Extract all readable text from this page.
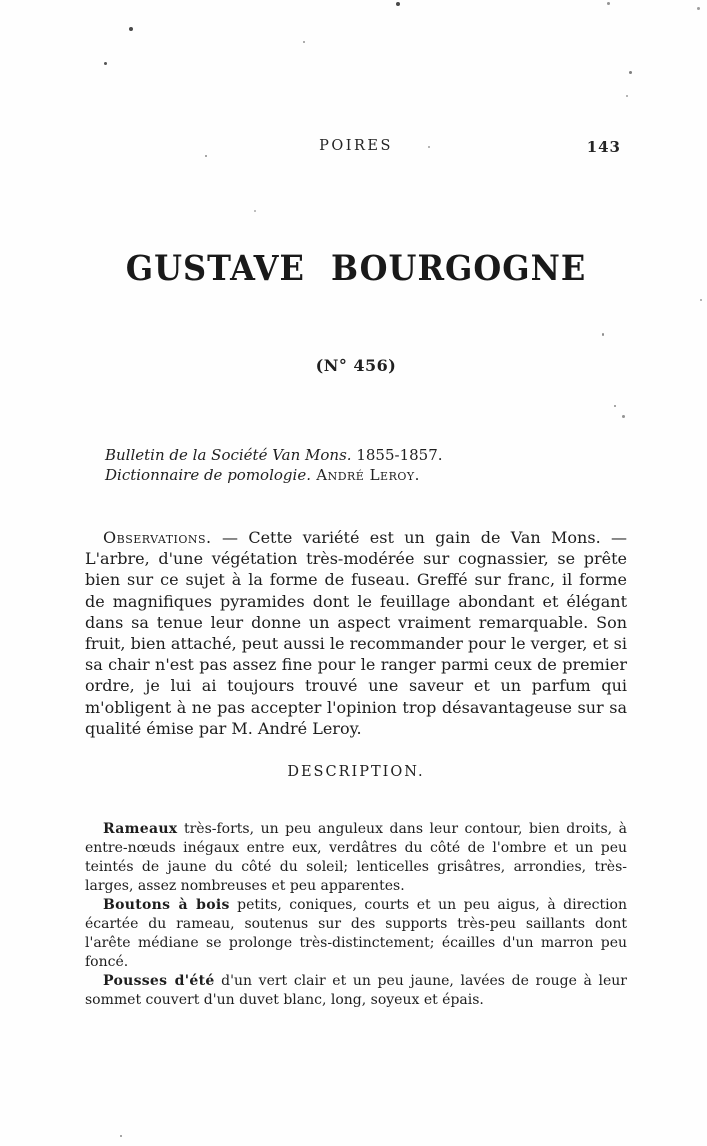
POIRES	143
GUSTAVE BOURGOGNE
(N° 456)

Bulletin de la Société Van Mons. 1855-1857.

Dictionnaire de pomologie. André Leroy.

Observations. — Cette variété est un gain de Van Mons. — L'arbre, d'une végétation très-modérée sur cognassier, se prête bien sur ce sujet à la forme de fuseau. Greffé sur franc, il forme de magnifiques pyramides dont le feuillage abondant et élégant dans sa tenue leur donne un aspect vraiment remarquable. Son fruit, bien attaché, peut aussi le recommander pour le verger, et si sa chair n'est pas assez fine pour le ranger parmi ceux de premier ordre, je lui ai toujours trouvé une saveur et un parfum qui m'obligent à ne pas accepter l'opinion trop désavantageuse sur sa qualité émise par M. André Leroy.

DESCRIPTION.

Rameaux très-forts, un peu anguleux dans leur contour, bien droits, à entre-nœuds inégaux entre eux, verdâtres du côté de l'ombre et un peu teintés de jaune du côté du soleil; lenticelles grisâtres, arrondies, très-larges, assez nombreuses et peu apparentes.

Boutons à bois petits, coniques, courts et un peu aigus, à direction écartée du rameau, soutenus sur des supports très-peu saillants dont l'arête médiane se prolonge très-distinctement; écailles d'un marron peu foncé.

Pousses d'été d'un vert clair et un peu jaune, lavées de rouge à leur sommet couvert d'un duvet blanc, long, soyeux et épais.
